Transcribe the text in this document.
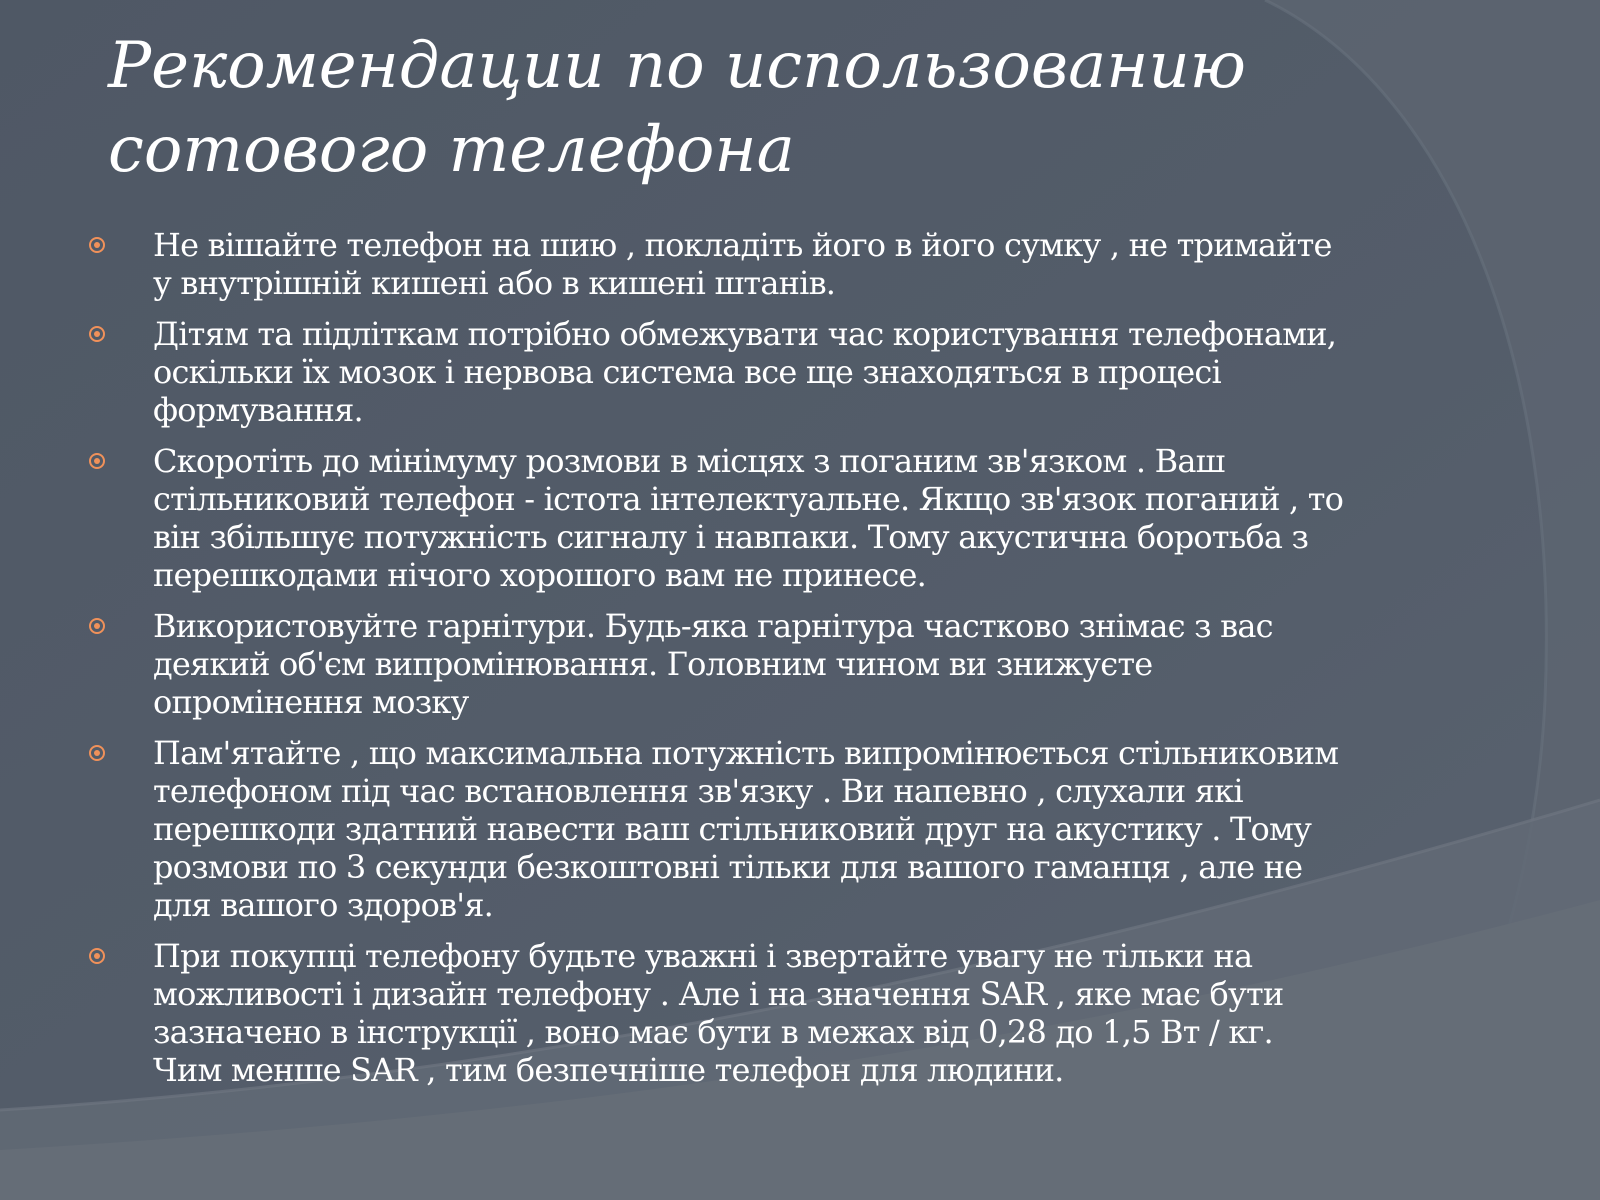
Рекомендации по использованию
сотового телефона
Не вішайте телефон на шию , покладіть його в його сумку , не тримайте
у внутрішній кишені або в кишені штанів.
Дітям та підліткам потрібно обмежувати час користування телефонами,
оскільки їх мозок і нервова система все ще знаходяться в процесі
формування.
Скоротіть до мінімуму розмови в місцях з поганим зв'язком . Ваш
стільниковий телефон - істота інтелектуальне. Якщо зв'язок поганий , то
він збільшує потужність сигналу і навпаки. Тому акустична боротьба з
перешкодами нічого хорошого вам не принесе.
Використовуйте гарнітури. Будь-яка гарнітура частково знімає з вас
деякий об'єм випромінювання. Головним чином ви знижуєте
опромінення мозку
Пам'ятайте , що максимальна потужність випромінюється стільниковим
телефоном під час встановлення зв'язку . Ви напевно , слухали які
перешкоди здатний навести ваш стільниковий друг на акустику . Тому
розмови по 3 секунди безкоштовні тільки для вашого гаманця , але не
для вашого здоров'я.
При покупці телефону будьте уважні і звертайте увагу не тільки на
можливості і дизайн телефону . Але і на значення SAR , яке має бути
зазначено в інструкції , воно має бути в межах від 0,28 до 1,5 Вт / кг.
Чим менше SAR , тим безпечніше телефон для людини.
